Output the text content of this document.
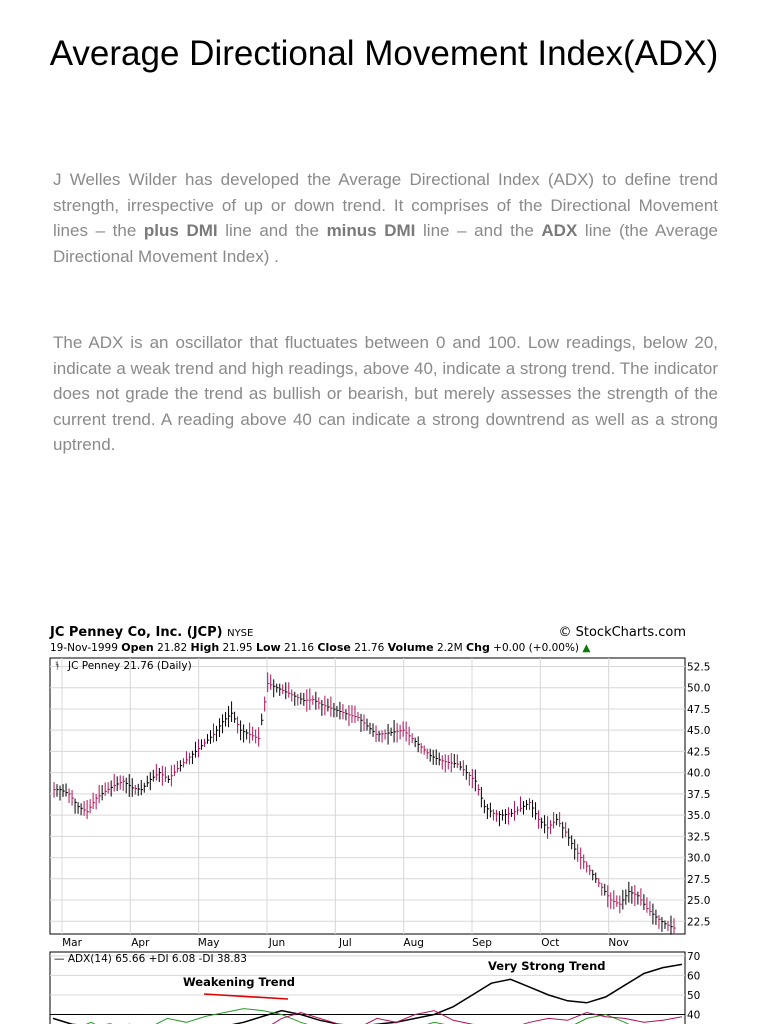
Average Directional Movement Index(ADX)
J Welles Wilder has developed the Average Directional Index (ADX) to define trend strength, irrespective of up or down trend. It comprises of the Directional Movement lines – the plus DMI line and the minus DMI line – and the ADX line (the Average Directional Movement Index) .
The ADX is an oscillator that fluctuates between 0 and 100. Low readings, below 20, indicate a weak trend and high readings, above 40, indicate a strong trend. The indicator does not grade the trend as bullish or bearish, but merely assesses the strength of the current trend. A reading above 40 can indicate a strong downtrend as well as a strong uptrend.
JC Penney Co, Inc. (JCP) NYSE	© StockCharts.com
19-Nov-1999 Open 21.82 High 21.95 Low 21.16 Close 21.76 Volume 2.2M Chg +0.00 (+0.00%) ▲
52.5
50.0
47.5
45.0
42.5
40.0
37.5
35.0
32.5
30.0
27.5
25.0
22.5
Mar	Apr	May	Jun	Jul	Aug	Sep	Oct	Nov
ᚬ JC Penney 21.76 (Daily)
70
60
50
40
— ADX(14) 65.66 +DI 6.08 -DI 38.83
Weakening Trend
Very Strong Trend
